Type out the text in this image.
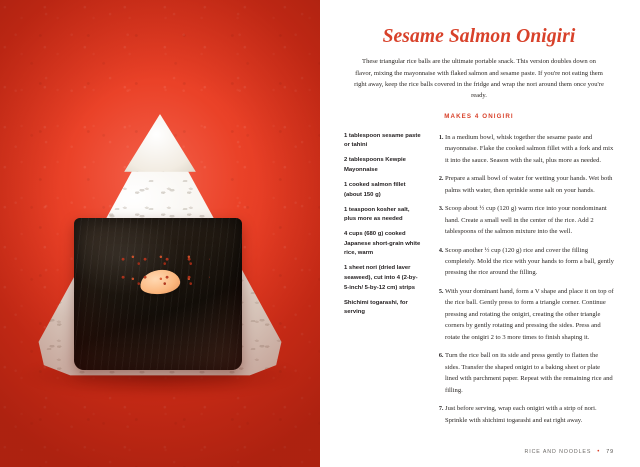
Sesame Salmon Onigiri

These triangular rice balls are the ultimate portable snack. This version doubles down on flavor, mixing the mayonnaise with flaked salmon and sesame paste. If you're not eating them right away, keep the rice balls covered in the fridge and wrap the nori around them once you're ready.

MAKES 4 ONIGIRI

1 tablespoon sesame paste or tahini
2 tablespoons Kewpie Mayonnaise
1 cooked salmon fillet (about 150 g)
1 teaspoon kosher salt, plus more as needed
4 cups (680 g) cooked Japanese short-grain white rice, warm
1 sheet nori (dried laver seaweed), cut into 4 (2-by-5-inch/ 5-by-12 cm) strips
Shichimi togarashi, for serving
1. In a medium bowl, whisk together the sesame paste and mayonnaise. Flake the cooked salmon fillet with a fork and mix it into the sauce. Season with the salt, plus more as needed.
2. Prepare a small bowl of water for wetting your hands. Wet both palms with water, then sprinkle some salt on your hands.
3. Scoop about ½ cup (120 g) warm rice into your nondominant hand. Create a small well in the center of the rice. Add 2 tablespoons of the salmon mixture into the well.
4. Scoop another ½ cup (120 g) rice and cover the filling completely. Mold the rice with your hands to form a ball, gently pressing the rice around the filling.
5. With your dominant hand, form a V shape and place it on top of the rice ball. Gently press to form a triangle corner. Continue pressing and rotating the onigiri, creating the other triangle corners by gently rotating and pressing the sides. Press and rotate the onigiri 2 to 3 more times to finish shaping it.
6. Turn the rice ball on its side and press gently to flatten the sides. Transfer the shaped onigiri to a baking sheet or plate lined with parchment paper. Repeat with the remaining rice and filling.
7. Just before serving, wrap each onigiri with a strip of nori. Sprinkle with shichimi togarashi and eat right away.
RICE AND NOODLES • 79
